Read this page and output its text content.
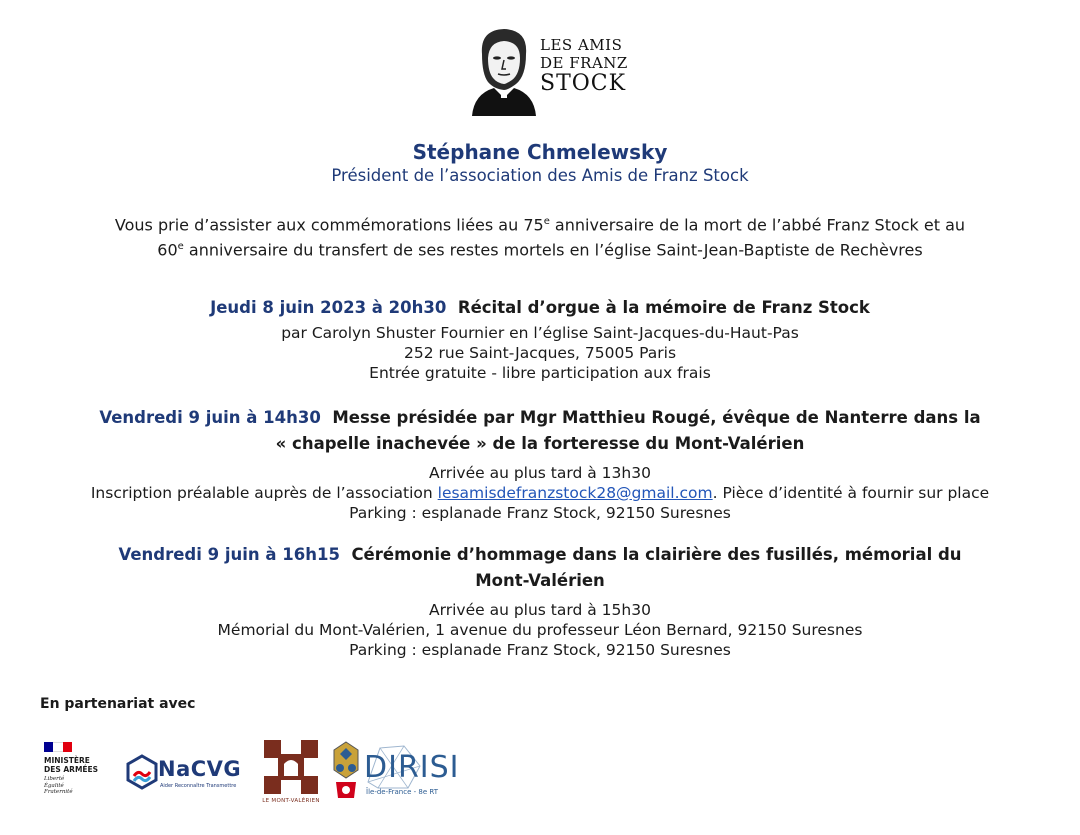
LES AMIS
DE FRANZ
STOCK
Stéphane Chmelewsky
Président de l’association des Amis de Franz Stock
Vous prie d’assister aux commémorations liées au 75e anniversaire de la mort de l’abbé Franz Stock et au
60e anniversaire du transfert de ses restes mortels en l’église Saint-Jean-Baptiste de Rechèvres
Jeudi 8 juin 2023 à 20h30 Récital d’orgue à la mémoire de Franz Stock
par Carolyn Shuster Fournier en l’église Saint-Jacques-du-Haut-Pas
252 rue Saint-Jacques, 75005 Paris
Entrée gratuite - libre participation aux frais
Vendredi 9 juin à 14h30 Messe présidée par Mgr Matthieu Rougé, évêque de Nanterre dans la
« chapelle inachevée » de la forteresse du Mont-Valérien
Arrivée au plus tard à 13h30
Inscription préalable auprès de l’association lesamisdefranzstock28@gmail.com. Pièce d’identité à fournir sur place
Parking : esplanade Franz Stock, 92150 Suresnes
Vendredi 9 juin à 16h15 Cérémonie d’hommage dans la clairière des fusillés, mémorial du
Mont-Valérien
Arrivée au plus tard à 15h30
Mémorial du Mont-Valérien, 1 avenue du professeur Léon Bernard, 92150 Suresnes
Parking : esplanade Franz Stock, 92150 Suresnes
En partenariat avec
MINISTÈRE
DES ARMÉES
Liberté
Égalité
Fraternité
NaCVG
Aider Reconnaître Transmettre
LE MONT-VALÉRIEN
DIRISI
Île-de-France - 8e RT
